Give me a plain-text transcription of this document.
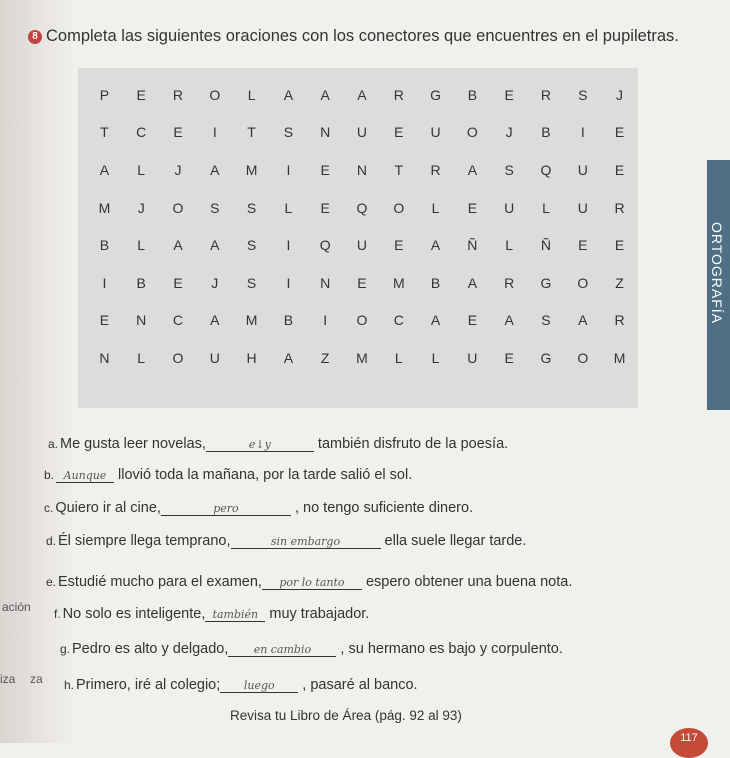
8 Completa las siguientes oraciones con los conectores que encuentres en el pupiletras.
P	E	R	O	L	A	A	A	R	G	B	E	R	S	J
T	C	E	I	T	S	N	U	E	U	O	J	B	I	E
A	L	J	A	M	I	E	N	T	R	A	S	Q	U	E
M	J	O	S	S	L	E	Q	O	L	E	U	L	U	R
B	L	A	A	S	I	Q	U	E	A	Ñ	L	Ñ	E	E
I	B	E	J	S	I	N	E	M	B	A	R	G	O	Z
E	N	C	A	M	B	I	O	C	A	E	A	S	A	R
N	L	O	U	H	A	Z	M	L	L	U	E	G	O	M
ORTOGRAFÍA
ación
iza za
a. Me gusta leer novelas,	e↓y	también disfruto de la poesía.
b. Aunque llovió toda la mañana, por la tarde salió el sol.
c. Quiero ir al cine,	pero	, no tengo suficiente dinero.
d. Él siempre llega temprano,	sin embargo	ella suele llegar tarde.
e. Estudié mucho para el examen, por lo tanto espero obtener una buena nota.
f. No solo es inteligente, también muy trabajador.
g. Pedro es alto y delgado, en cambio , su hermano es bajo y corpulento.
h. Primero, iré al colegio; luego , pasaré al banco.
Revisa tu Libro de Área (pág. 92 al 93)
117
